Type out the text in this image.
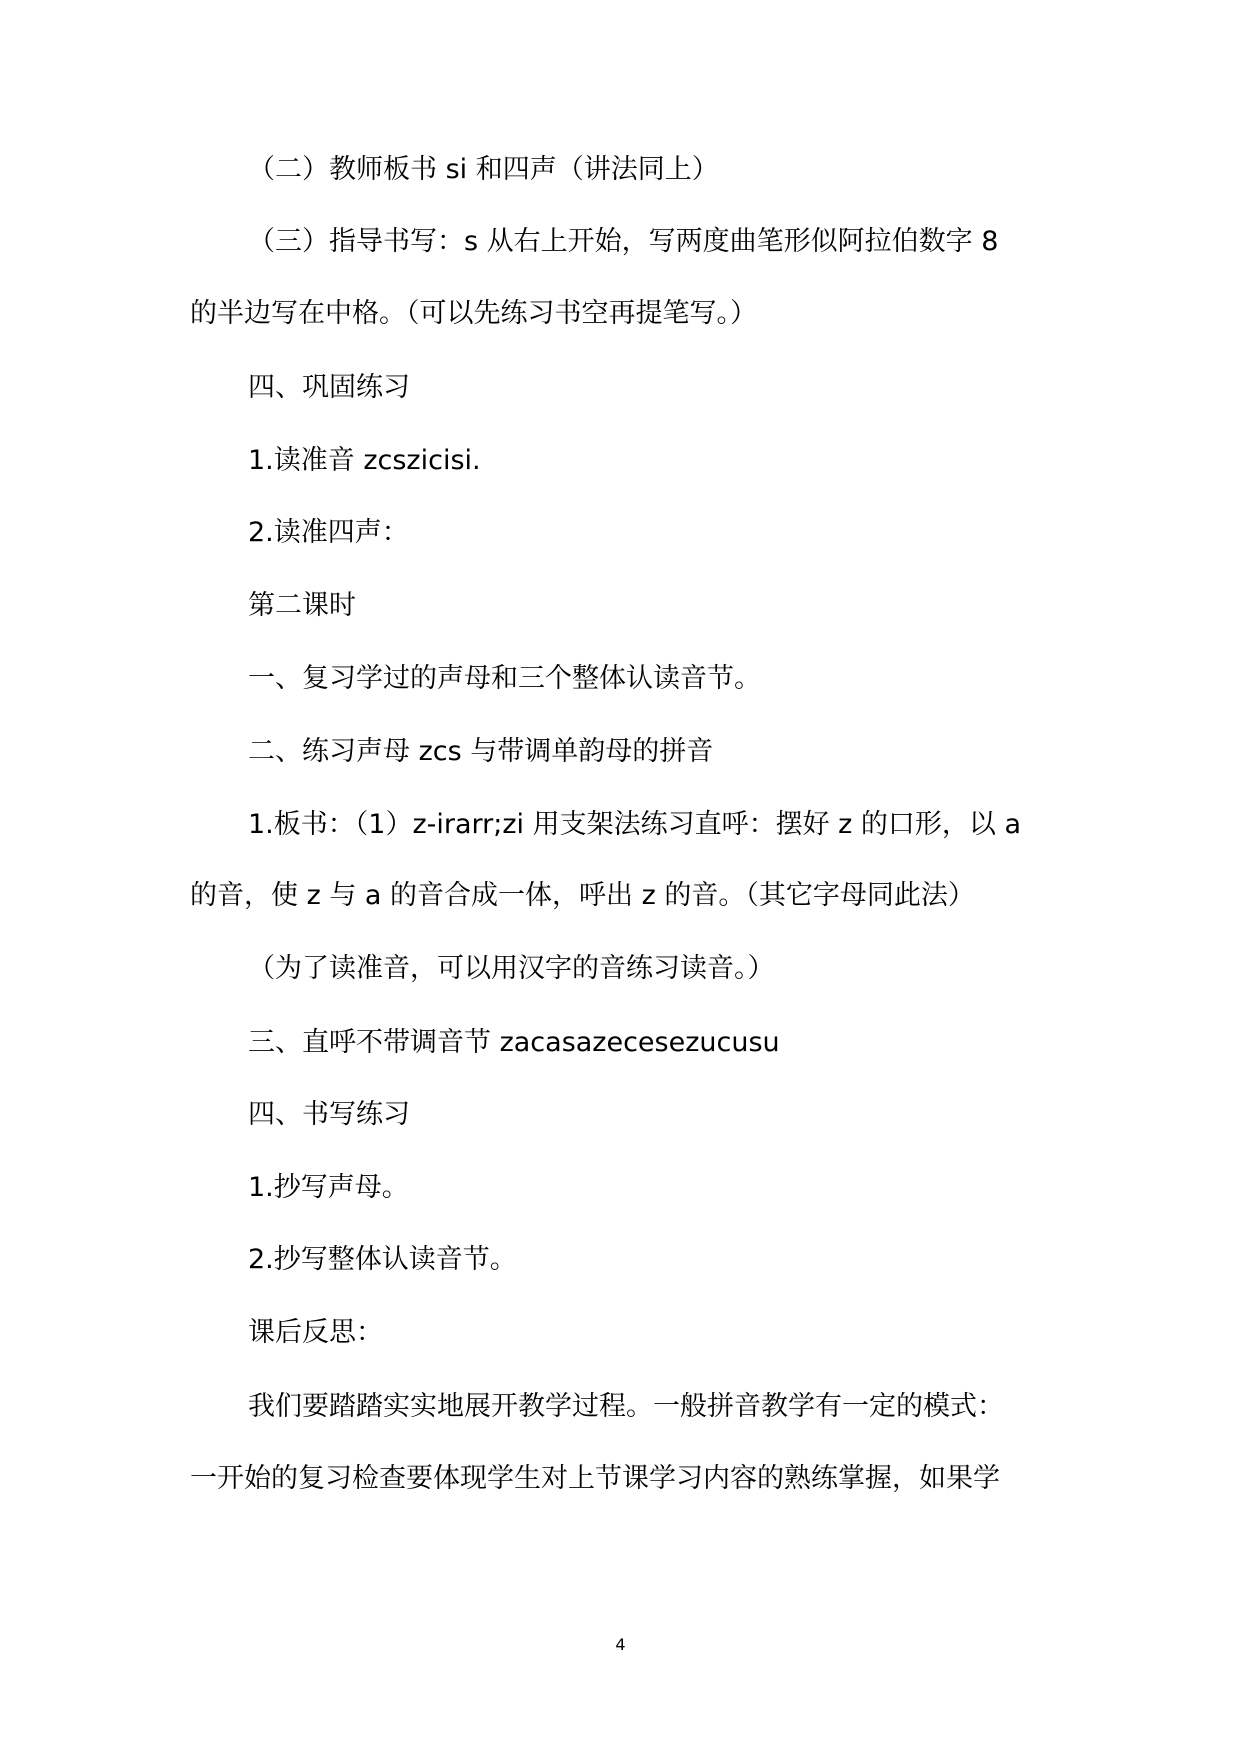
（二）教师板书 si 和四声（讲法同上）
（三）指导书写：s 从右上开始，写两度曲笔形似阿拉伯数字 8
的半边写在中格。（可以先练习书空再提笔写。）
四、巩固练习
1.读准音 zcszicisi.
2.读准四声：
第二课时
一、复习学过的声母和三个整体认读音节。
二、练习声母 zcs 与带调单韵母的拼音
1.板书：（1）z-irarr;zi 用支架法练习直呼：摆好 z 的口形，以 a
的音，使 z 与 a 的音合成一体，呼出 z 的音。（其它字母同此法）
（为了读准音，可以用汉字的音练习读音。）
三、直呼不带调音节 zacasazecesezucusu
四、书写练习
1.抄写声母。
2.抄写整体认读音节。
课后反思：
我们要踏踏实实地展开教学过程。一般拼音教学有一定的模式：
一开始的复习检查要体现学生对上节课学习内容的熟练掌握，如果学
4
